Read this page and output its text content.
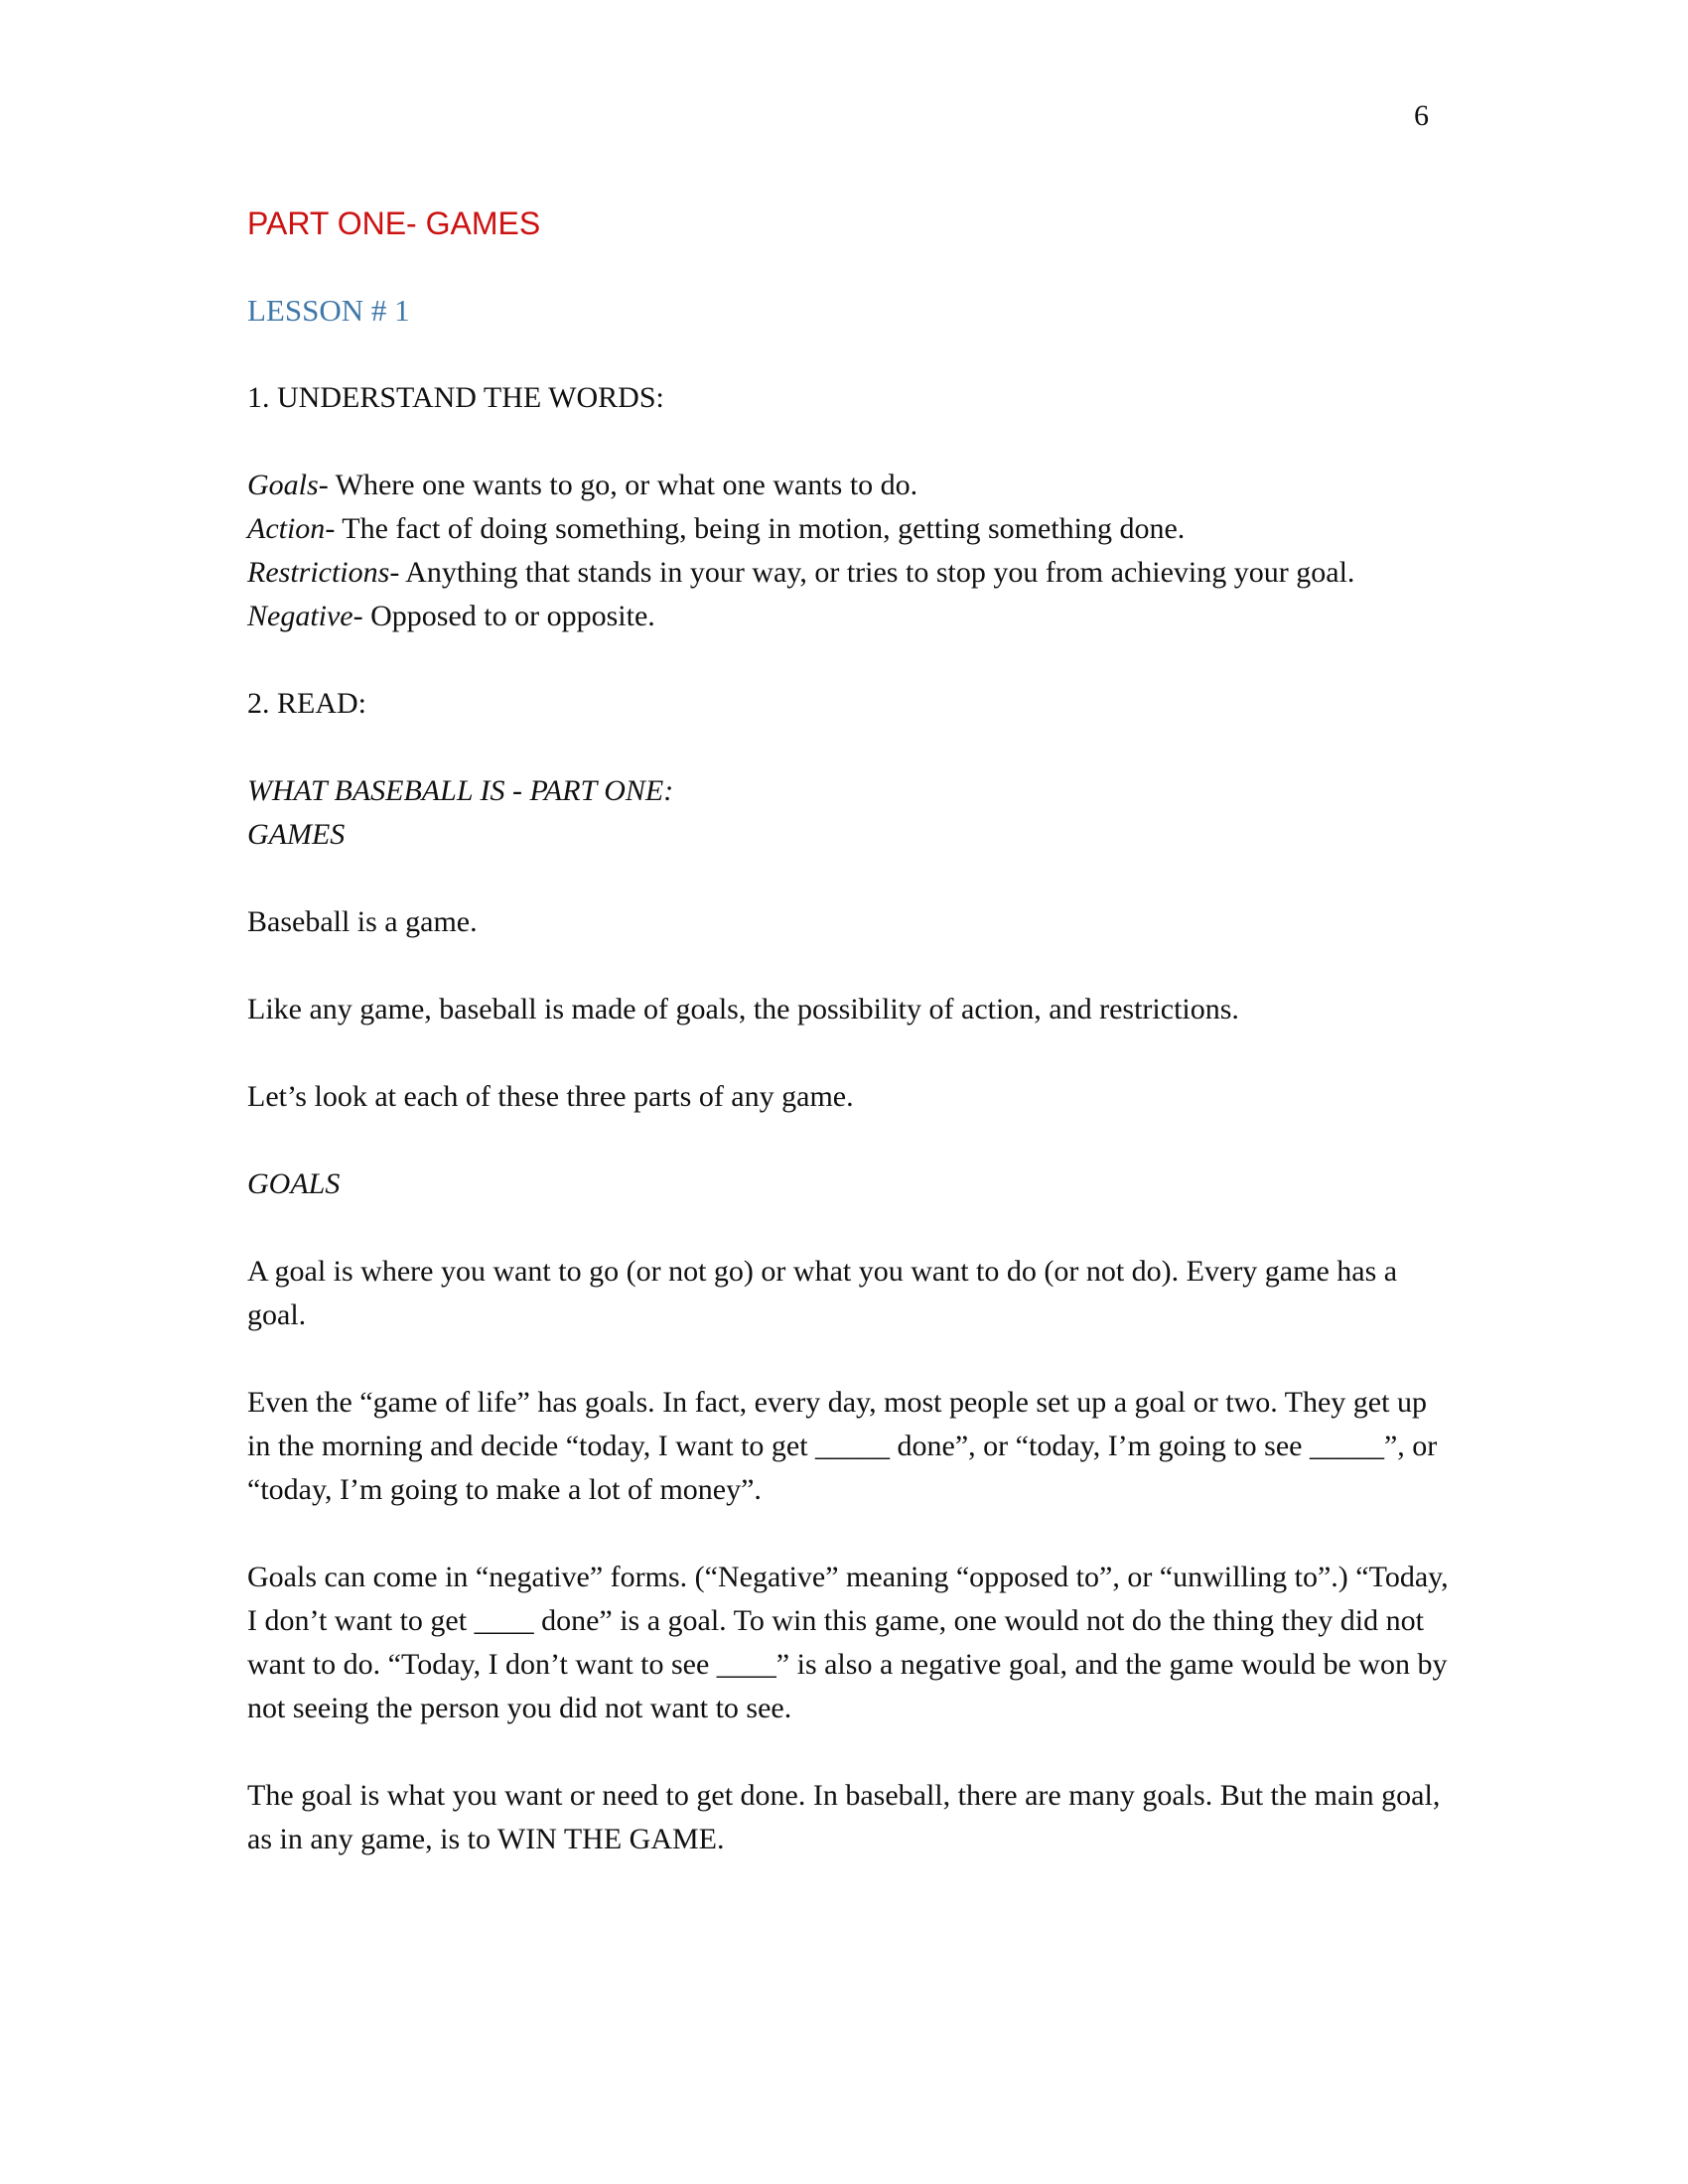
6
PART ONE- GAMES
LESSON # 1

1. UNDERSTAND THE WORDS:

Goals- Where one wants to go, or what one wants to do.
Action- The fact of doing something, being in motion, getting something done.
Restrictions- Anything that stands in your way, or tries to stop you from achieving your goal.
Negative- Opposed to or opposite.

2. READ:

WHAT BASEBALL IS - PART ONE:
GAMES

Baseball is a game.

Like any game, baseball is made of goals, the possibility of action, and restrictions.

Let’s look at each of these three parts of any game.

GOALS

A goal is where you want to go (or not go) or what you want to do (or not do). Every game has a goal.

Even the “game of life” has goals. In fact, every day, most people set up a goal or two. They get up in the morning and decide “today, I want to get _____ done”, or “today, I’m going to see _____”, or “today, I’m going to make a lot of money”.

Goals can come in “negative” forms. (“Negative” meaning “opposed to”, or “unwilling to”.) “Today, I don’t want to get ____ done” is a goal. To win this game, one would not do the thing they did not want to do. “Today, I don’t want to see ____” is also a negative goal, and the game would be won by not seeing the person you did not want to see.

The goal is what you want or need to get done. In baseball, there are many goals. But the main goal, as in any game, is to WIN THE GAME.
